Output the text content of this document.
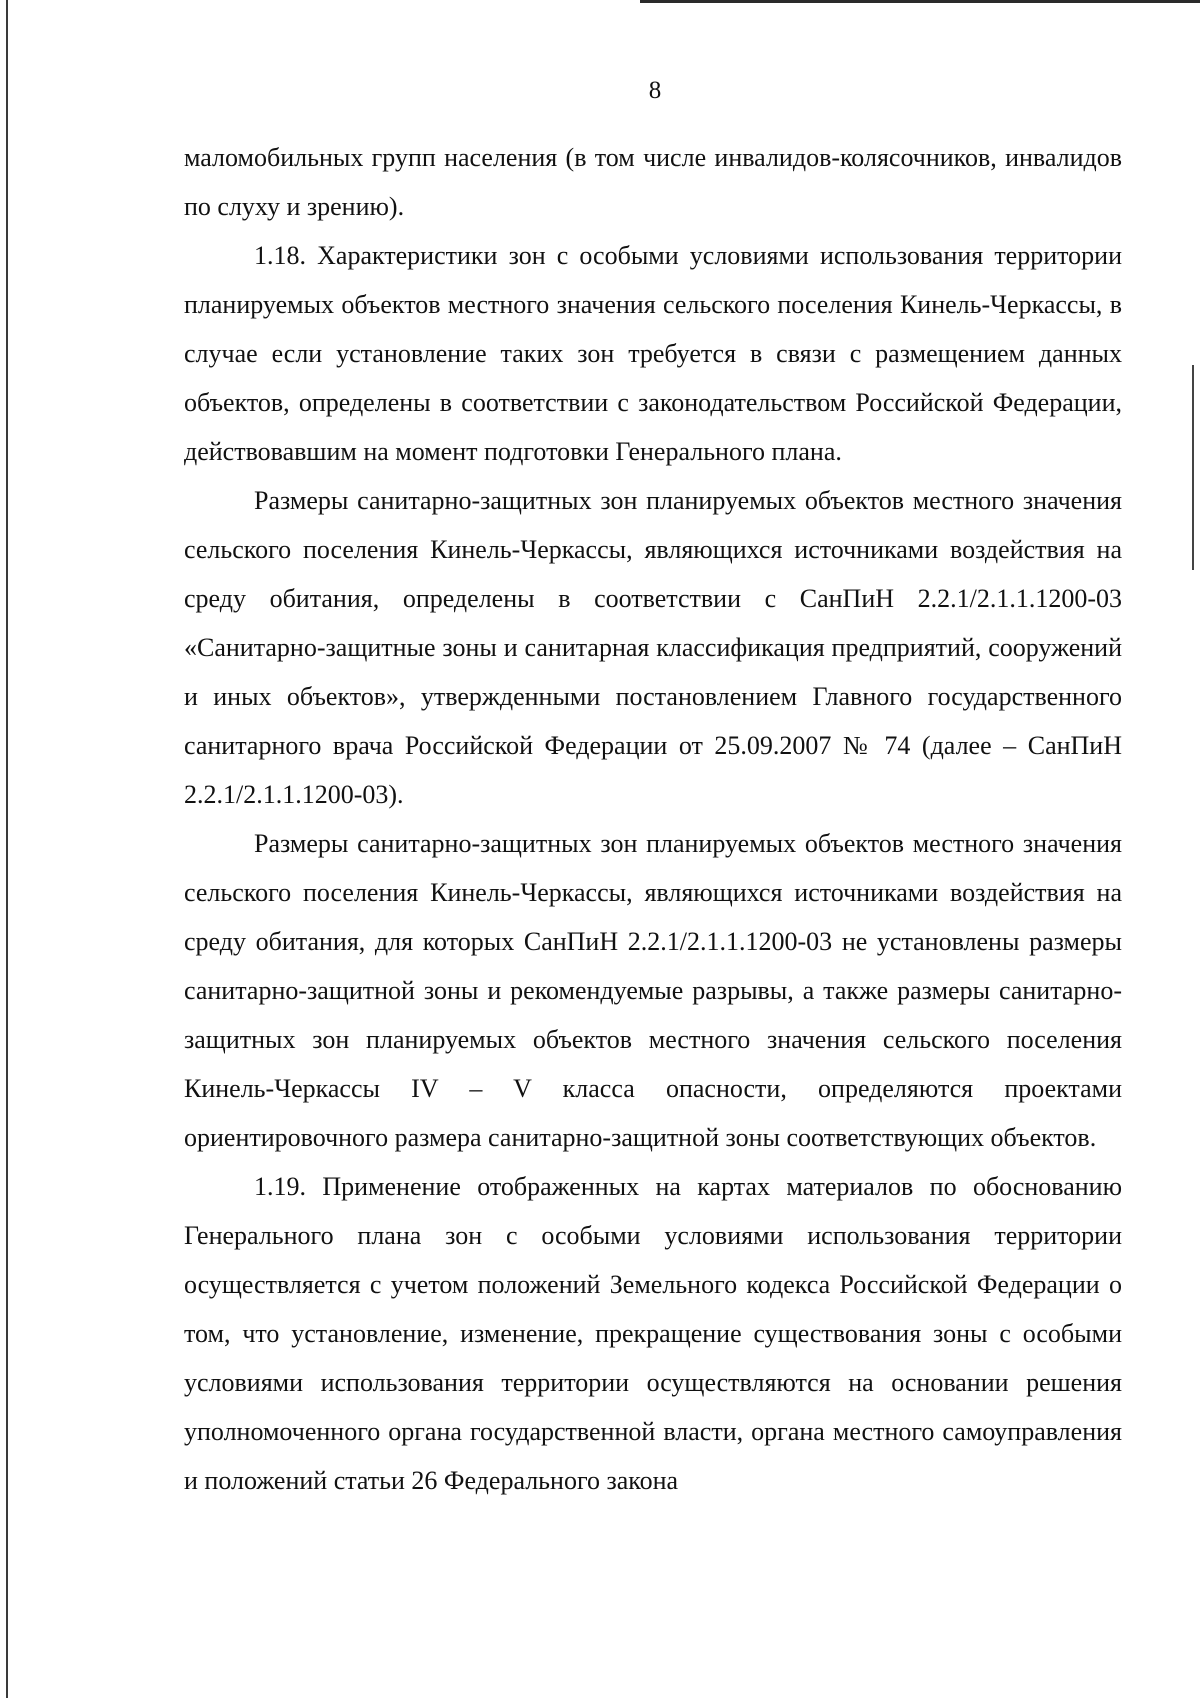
8

маломобильных групп населения (в том числе инвалидов-колясочников, инвалидов по слуху и зрению).

1.18. Характеристики зон с особыми условиями использования территории планируемых объектов местного значения сельского поселения Кинель-Черкассы, в случае если установление таких зон требуется в связи с размещением данных объектов, определены в соответствии с законодательством Российской Федерации, действовавшим на момент подготовки Генерального плана.

Размеры санитарно-защитных зон планируемых объектов местного значения сельского поселения Кинель-Черкассы, являющихся источниками воздействия на среду обитания, определены в соответствии с СанПиН 2.2.1/2.1.1.1200-03 «Санитарно-защитные зоны и санитарная классификация предприятий, сооружений и иных объектов», утвержденными постановлением Главного государственного санитарного врача Российской Федерации от 25.09.2007 № 74 (далее – СанПиН 2.2.1/2.1.1.1200-03).

Размеры санитарно-защитных зон планируемых объектов местного значения сельского поселения Кинель-Черкассы, являющихся источниками воздействия на среду обитания, для которых СанПиН 2.2.1/2.1.1.1200-03 не установлены размеры санитарно-защитной зоны и рекомендуемые разрывы, а также размеры санитарно-защитных зон планируемых объектов местного значения сельского поселения Кинель-Черкассы IV – V класса опасности, определяются проектами ориентировочного размера санитарно-защитной зоны соответствующих объектов.

1.19. Применение отображенных на картах материалов по обоснованию Генерального плана зон с особыми условиями использования территории осуществляется с учетом положений Земельного кодекса Российской Федерации о том, что установление, изменение, прекращение существования зоны с особыми условиями использования территории осуществляются на основании решения уполномоченного органа государственной власти, органа местного самоуправления и положений статьи 26 Федерального закона
